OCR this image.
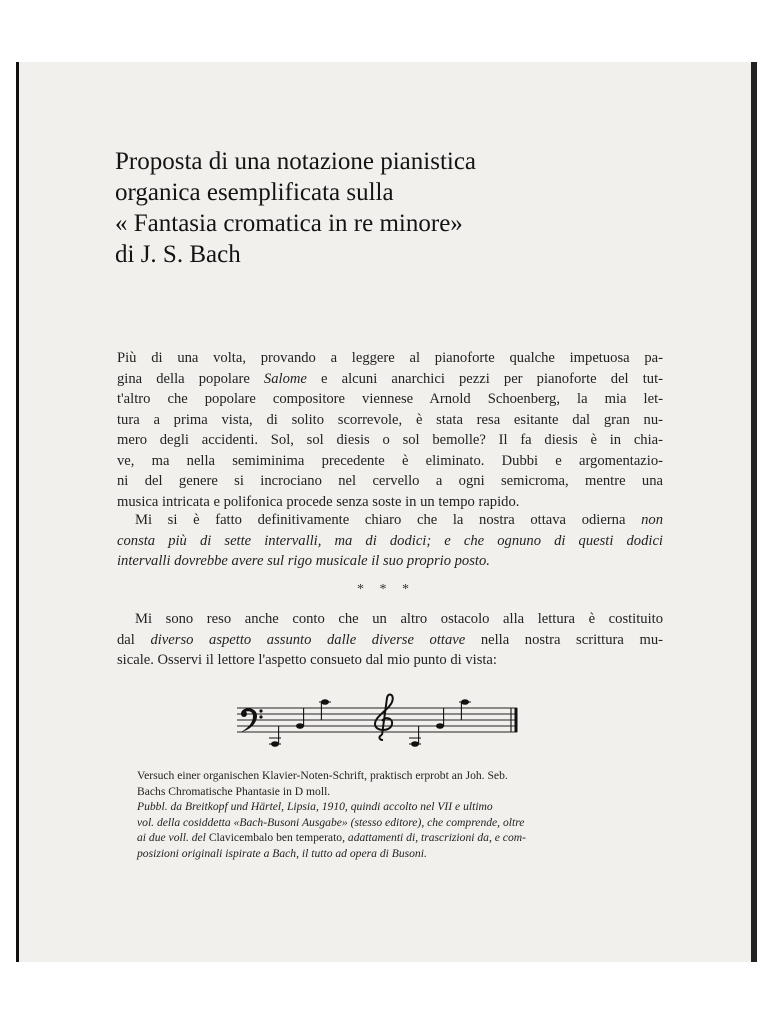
Proposta di una notazione pianistica
organica esemplificata sulla
« Fantasia cromatica in re minore»
di J. S. Bach
Più di una volta, provando a leggere al pianoforte qualche impetuosa pa-
gina della popolare Salome e alcuni anarchici pezzi per pianoforte del tut-
t'altro che popolare compositore viennese Arnold Schoenberg, la mia let-
tura a prima vista, di solito scorrevole, è stata resa esitante dal gran nu-
mero degli accidenti. Sol, sol diesis o sol bemolle? Il fa diesis è in chia-
ve, ma nella semiminima precedente è eliminato. Dubbi e argomentazio-
ni del genere si incrociano nel cervello a ogni semicroma, mentre una
musica intricata e polifonica procede senza soste in un tempo rapido.
Mi si è fatto definitivamente chiaro che la nostra ottava odierna non
consta più di sette intervalli, ma di dodici; e che ognuno di questi dodici
intervalli dovrebbe avere sul rigo musicale il suo proprio posto.
* * *
Mi sono reso anche conto che un altro ostacolo alla lettura è costituito
dal diverso aspetto assunto dalle diverse ottave nella nostra scrittura mu-
sicale. Osservi il lettore l'aspetto consueto dal mio punto di vista:
Versuch einer organischen Klavier-Noten-Schrift, praktisch erprobt an Joh. Seb.
Bachs Chromatische Phantasie in D moll.
Pubbl. da Breitkopf und Härtel, Lipsia, 1910, quindi accolto nel VII e ultimo
vol. della cosiddetta «Bach-Busoni Ausgabe» (stesso editore), che comprende, oltre
ai due voll. del Clavicembalo ben temperato, adattamenti di, trascrizioni da, e com-
posizioni originali ispirate a Bach, il tutto ad opera di Busoni.
